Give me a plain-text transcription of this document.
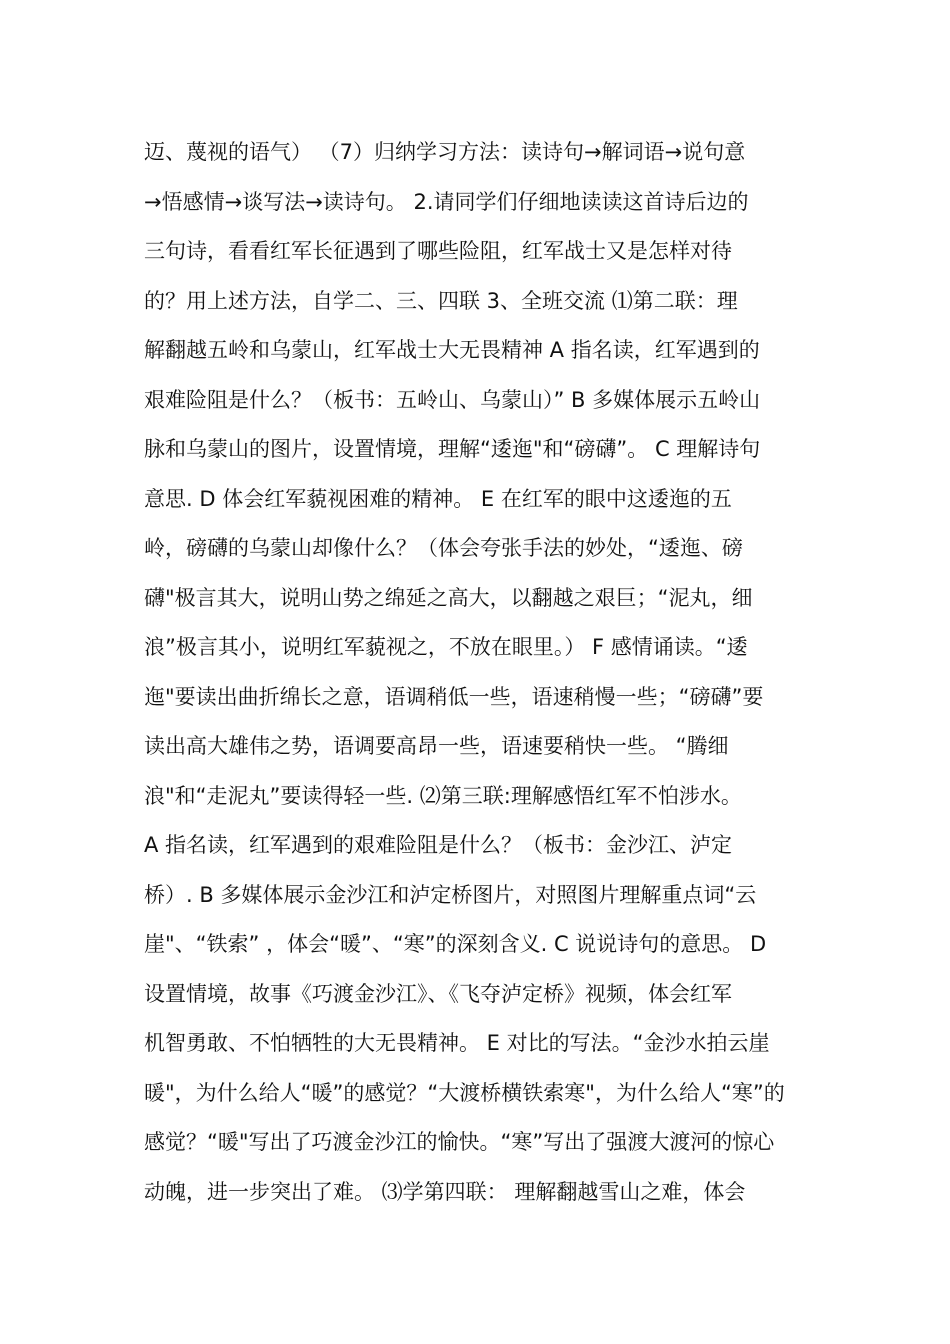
迈、蔑视的语气） （7）归纳学习方法：读诗句→解词语→说句意
→悟感情→谈写法→读诗句。 2.请同学们仔细地读读这首诗后边的
三句诗，看看红军长征遇到了哪些险阻，红军战士又是怎样对待
的？用上述方法，自学二、三、四联 3、全班交流 ⑴第二联：理
解翻越五岭和乌蒙山，红军战士大无畏精神 A 指名读，红军遇到的
艰难险阻是什么？（板书：五岭山、乌蒙山）” B 多媒体展示五岭山
脉和乌蒙山的图片，设置情境，理解“逶迤"和“磅礴”。 C 理解诗句
意思. D 体会红军藐视困难的精神。 E 在红军的眼中这逶迤的五
岭，磅礴的乌蒙山却像什么？（体会夸张手法的妙处，“逶迤、磅
礴"极言其大，说明山势之绵延之高大，以翻越之艰巨；“泥丸，细
浪”极言其小，说明红军藐视之，不放在眼里。） F 感情诵读。“逶
迤"要读出曲折绵长之意，语调稍低一些，语速稍慢一些；“磅礴”要
读出高大雄伟之势，语调要高昂一些，语速要稍快一些。 “腾细
浪"和“走泥丸”要读得轻一些. ⑵第三联:理解感悟红军不怕涉水。
A 指名读，红军遇到的艰难险阻是什么？（板书：金沙江、泸定
桥）. B 多媒体展示金沙江和泸定桥图片，对照图片理解重点词“云
崖"、“铁索” ，体会“暖”、“寒”的深刻含义. C 说说诗句的意思。 D
设置情境，故事《巧渡金沙江》、《飞夺泸定桥》视频，体会红军
机智勇敢、不怕牺牲的大无畏精神。 E 对比的写法。“金沙水拍云崖
暖"，为什么给人“暖”的感觉？“大渡桥横铁索寒"，为什么给人“寒”的
感觉？“暖"写出了巧渡金沙江的愉快。“寒”写出了强渡大渡河的惊心
动魄，进一步突出了难。 ⑶学第四联： 理解翻越雪山之难，体会
